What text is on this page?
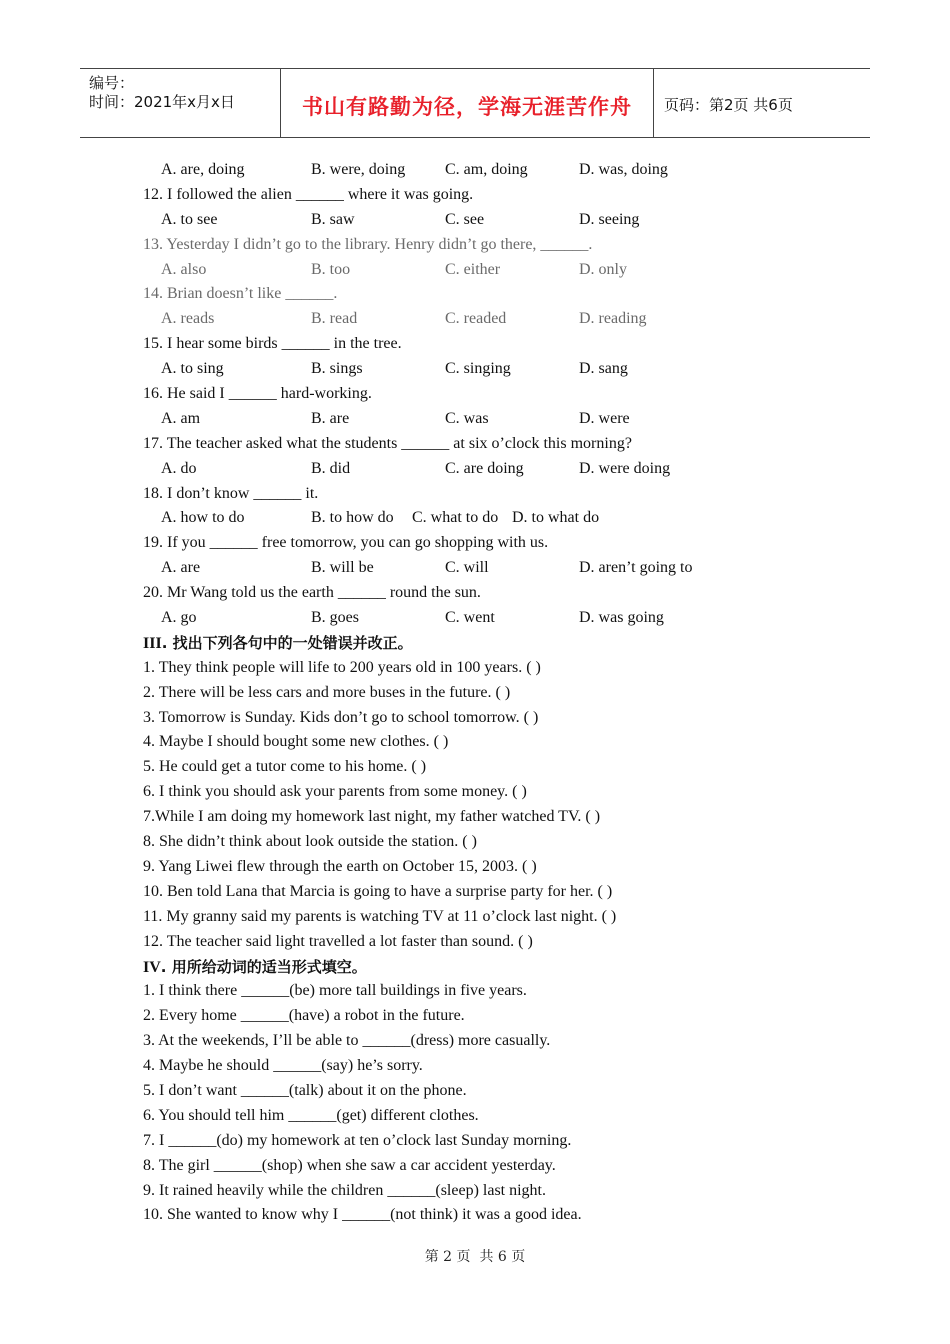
编号：
时间：2021年x月x日	书山有路勤为径，学海无涯苦作舟	页码：第2页 共6页
A. are, doing	B. were, doing C. am, doing	D. was, doing
12. I followed the alien ______ where it was going.
A. to see	B. saw	C. see	D. seeing
13. Yesterday I didn’t go to the library. Henry didn’t go there, ______.
A. also	B. too	C. either	D. only
14. Brian doesn’t like ______.
A. reads	B. read	C. readed	D. reading
15. I hear some birds ______ in the tree.
A. to sing	B. sings	C. singing	D. sang
16. He said I ______ hard-working.
A. am	B. are	C. was	D. were
17. The teacher asked what the students ______ at six o’clock this morning?
A. do	B. did	C. are doing	D. were doing
18. I don’t know ______ it.
A. how to do	B. to how do C. what to do D. to what do
19. If you ______ free tomorrow, you can go shopping with us.
A. are	B. will be	C. will	D. aren’t going to
20. Mr Wang told us the earth ______ round the sun.
A. go	B. goes	C. went	D. was going
III. 找出下列各句中的一处错误并改正。
1. They think people will life to 200 years old in 100 years. ( )
2. There will be less cars and more buses in the future. ( )
3. Tomorrow is Sunday. Kids don’t go to school tomorrow. ( )
4. Maybe I should bought some new clothes. ( )
5. He could get a tutor come to his home. ( )
6. I think you should ask your parents from some money. ( )
7.While I am doing my homework last night, my father watched TV. ( )
8. She didn’t think about look outside the station. ( )
9. Yang Liwei flew through the earth on October 15, 2003. ( )
10. Ben told Lana that Marcia is going to have a surprise party for her. ( )
11. My granny said my parents is watching TV at 11 o’clock last night. ( )
12. The teacher said light travelled a lot faster than sound. ( )
IV. 用所给动词的适当形式填空。
1. I think there ______(be) more tall buildings in five years.
2. Every home ______(have) a robot in the future.
3. At the weekends, I’ll be able to ______(dress) more casually.
4. Maybe he should ______(say) he’s sorry.
5. I don’t want ______(talk) about it on the phone.
6. You should tell him ______(get) different clothes.
7. I ______(do) my homework at ten o’clock last Sunday morning.
8. The girl ______(shop) when she saw a car accident yesterday.
9. It rained heavily while the children ______(sleep) last night.
10. She wanted to know why I ______(not think) it was a good idea.
第 2 页 共 6 页
